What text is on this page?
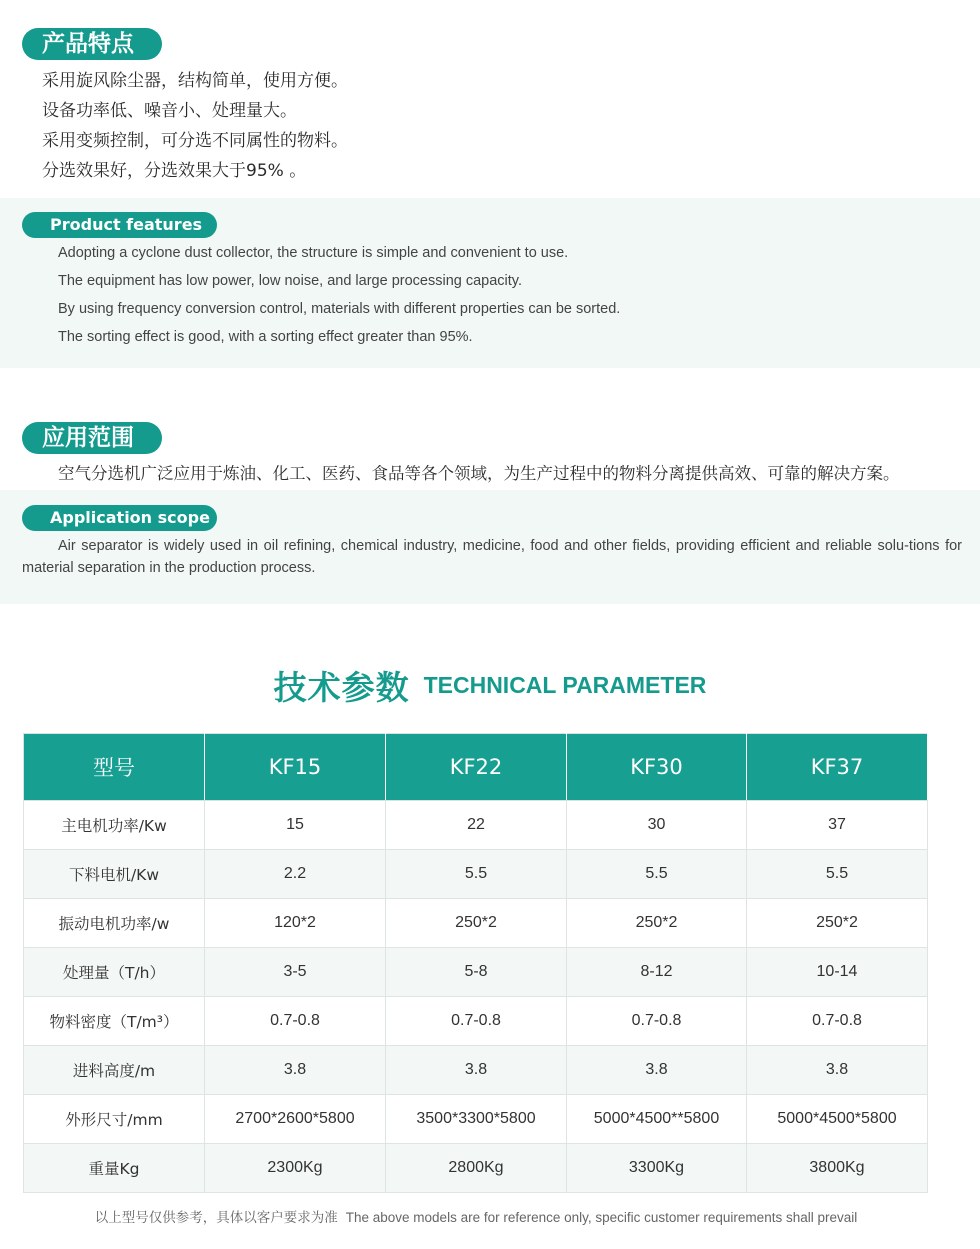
产品特点
采用旋风除尘器，结构简单，使用方便。
设备功率低、噪音小、处理量大。
采用变频控制，可分选不同属性的物料。
分选效果好，分选效果大于95% 。
Product features
Adopting a cyclone dust collector, the structure is simple and convenient to use.
The equipment has low power, low noise, and large processing capacity.
By using frequency conversion control, materials with different properties can be sorted.
The sorting effect is good, with a sorting effect greater than 95%.
应用范围
空气分选机广泛应用于炼油、化工、医药、食品等各个领域，为生产过程中的物料分离提供高效、可靠的解决方案。
Application scope
Air separator is widely used in oil refining, chemical industry, medicine, food and other fields, providing efficient and reliable solu-tions for material separation in the production process.
技术参数 TECHNICAL PARAMETER
型号	KF15	KF22	KF30	KF37
主电机功率/Kw	15	22	30	37
下料电机/Kw	2.2	5.5	5.5	5.5
振动电机功率/w	120*2	250*2	250*2	250*2
处理量（T/h）	3-5	5-8	8-12	10-14
物料密度（T/m³）	0.7-0.8	0.7-0.8	0.7-0.8	0.7-0.8
进料高度/m	3.8	3.8	3.8	3.8
外形尺寸/mm	2700*2600*5800	3500*3300*5800	5000*4500**5800	5000*4500*5800
重量Kg	2300Kg	2800Kg	3300Kg	3800Kg
以上型号仅供参考，具体以客户要求为准 The above models are for reference only, specific customer requirements shall prevail
